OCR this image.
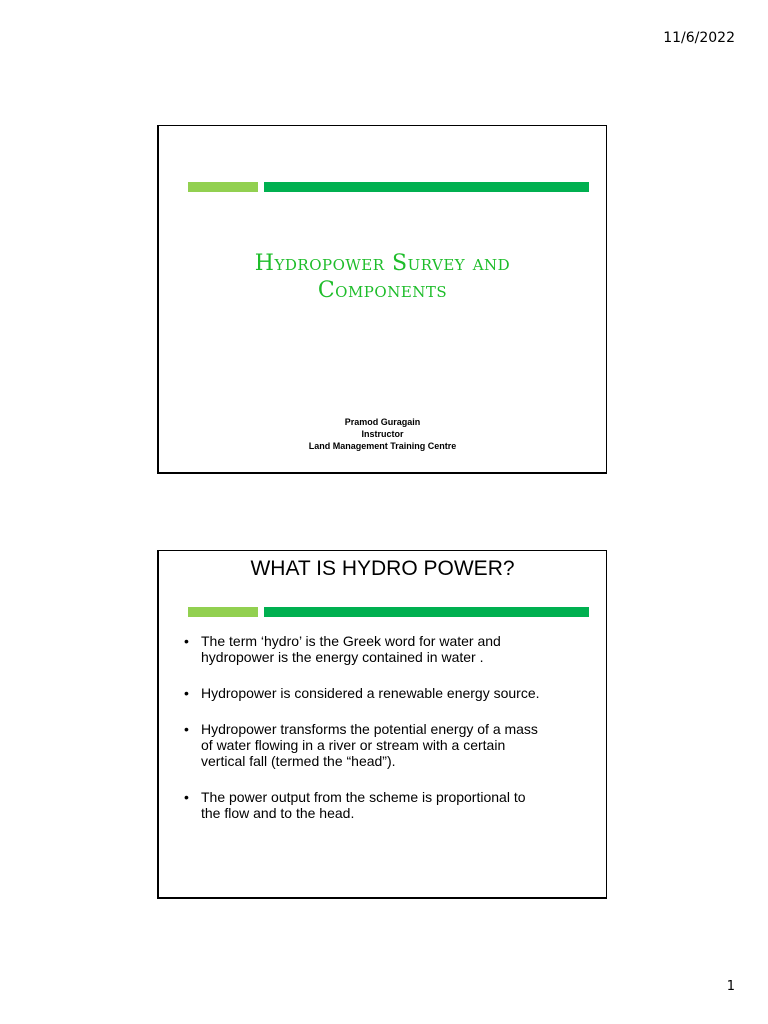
11/6/2022
Hydropower Survey and
Components
Pramod Guragain
Instructor
Land Management Training Centre
WHAT IS HYDRO POWER?
• The term ‘hydro’ is the Greek word for water and
hydropower is the energy contained in water .
• Hydropower is considered a renewable energy source.
• Hydropower transforms the potential energy of a mass
of water flowing in a river or stream with a certain
vertical fall (termed the “head”).
• The power output from the scheme is proportional to
the flow and to the head.
1
